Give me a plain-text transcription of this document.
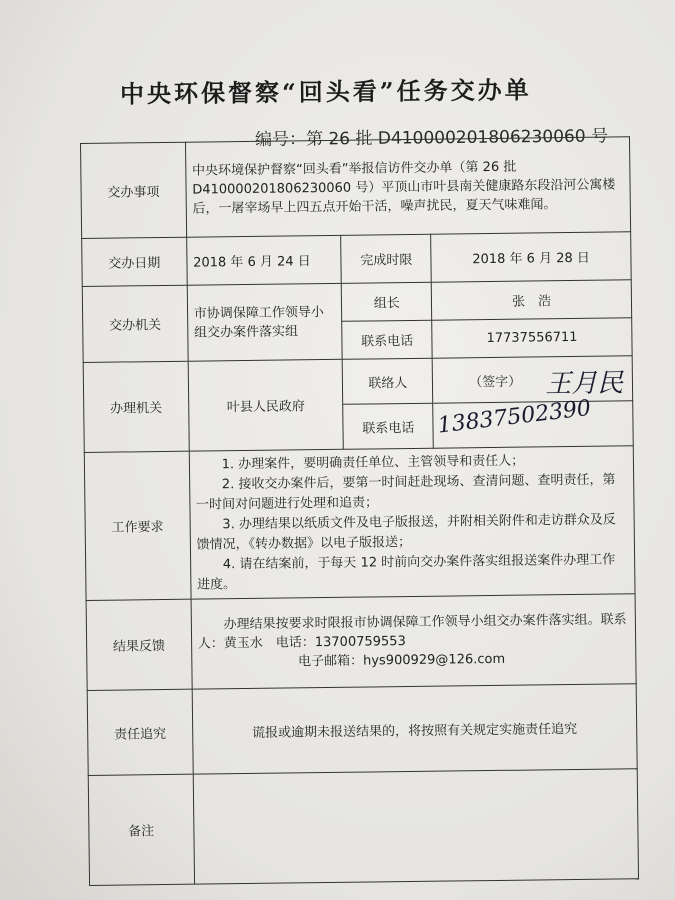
中央环保督察“回头看”任务交办单
编号：第 26 批 D410000201806230060 号
交办事项	中央环境保护督察“回头看”举报信访件交办单（第 26 批 D410000201806230060 号）平顶山市叶县南关健康路东段沿河公寓楼后，一屠宰场早上四五点开始干活，噪声扰民，夏天气味难闻。		
交办日期	2018 年 6 月 24 日	完成时限	2018 年 6 月 28 日
交办机关	市协调保障工作领导小组交办案件落实组	组长	张　浩
		联系电话	17737556711
办理机关	叶县人民政府	联络人	（签字） 王月民

		联系电话	13837502390

工作要求	1. 办理案件，要明确责任单位、主管领导和责任人；

2. 接收交办案件后，要第一时间赶赴现场、查清问题、查明责任，第一时间对问题进行处理和追责；

3. 办理结果以纸质文件及电子版报送，并附相关附件和走访群众及反馈情况，《转办数据》以电子版报送；

4. 请在结案前，于每天 12 时前向交办案件落实组报送案件办理工作进度。		

结果反馈	办理结果按要求时限报市协调保障工作领导小组交办案件落实组。联系人：黄玉水　电话：13700759553
电子邮箱：hys900929@126.com		

责任追究	谎报或逾期未报送结果的，将按照有关规定实施责任追究		
备注			
